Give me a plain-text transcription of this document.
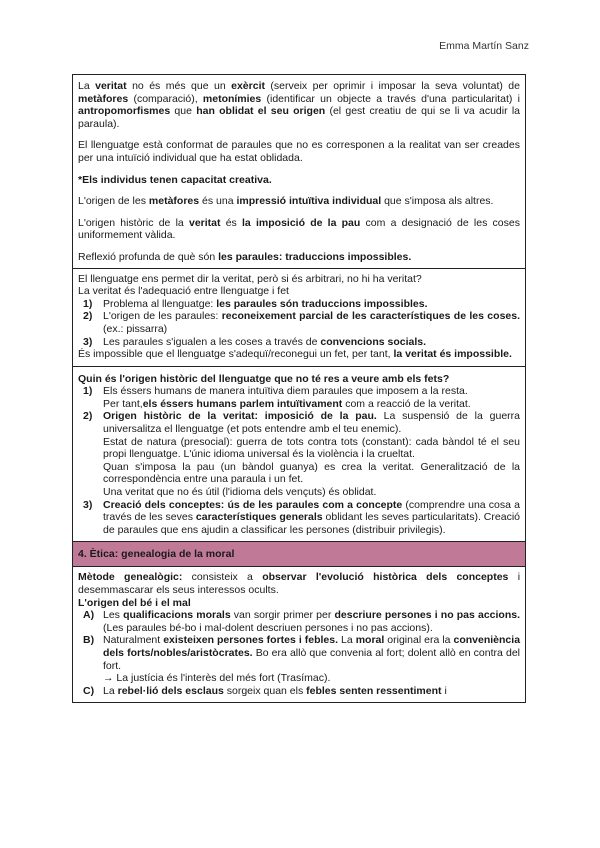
Emma Martín Sanz

La veritat no és més que un exèrcit (serveix per oprimir i imposar la seva voluntat) de metàfores (comparació), metonímies (identificar un objecte a través d'una particularitat) i antropomorfismes que han oblidat el seu origen (el gest creatiu de qui se li va acudir la paraula).

El llenguatge està conformat de paraules que no es corresponen a la realitat van ser creades per una intuïció individual que ha estat oblidada.

*Els individus tenen capacitat creativa.

L'origen de les metàfores és una impressió intuïtiva individual que s'imposa als altres.

L'origen històric de la veritat és la imposició de la pau com a designació de les coses uniformement vàlida.

Reflexió profunda de què són les paraules: traduccions impossibles.

El llenguatge ens permet dir la veritat, però si és arbitrari, no hi ha veritat?

La veritat és l'adequació entre llenguatge i fet

1) Problema al llenguatge: les paraules són traduccions impossibles.
2) L'origen de les paraules: reconeixement parcial de les característiques de les coses. (ex.: pissarra)
3) Les paraules s'igualen a les coses a través de convencions socials.

És impossible que el llenguatge s'adequï/reconegui un fet, per tant, la veritat és impossible.

Quin és l'origen històric del llenguatge que no té res a veure amb els fets?

1) Els éssers humans de manera intuïtiva diem paraules que imposem a la resta.
Per tant,els éssers humans parlem intuïtivament com a reacció de la veritat.
2) Origen històric de la veritat: imposició de la pau. La suspensió de la guerra universalitza el llenguatge (et pots entendre amb el teu enemic).
Estat de natura (presocial): guerra de tots contra tots (constant): cada bàndol té el seu propi llenguatge. L'únic idioma universal és la violència i la crueltat.
Quan s'imposa la pau (un bàndol guanya) es crea la veritat. Generalització de la correspondència entre una paraula i un fet.
Una veritat que no és útil (l'idioma dels vençuts) és oblidat.
3) Creació dels conceptes: ús de les paraules com a concepte (comprendre una cosa a través de les seves característiques generals oblidant les seves particularitats). Creació de paraules que ens ajudin a classificar les persones (distribuir privilegis).
4. Ètica: genealogia de la moral

Mètode genealògic: consisteix a observar l'evolució històrica dels conceptes i desemmascarar els seus interessos ocults.

L'origen del bé i el mal

A) Les qualificacions morals van sorgir primer per descriure persones i no pas accions. (Les paraules bé-bo i mal-dolent descriuen persones i no pas accions).
B) Naturalment existeixen persones fortes i febles. La moral original era la conveniència dels forts/nobles/aristòcrates. Bo era allò que convenia al fort; dolent allò en contra del fort.
→ La justícia és l'interès del més fort (Trasímac).
C) La rebel·lió dels esclaus sorgeix quan els febles senten ressentiment i
